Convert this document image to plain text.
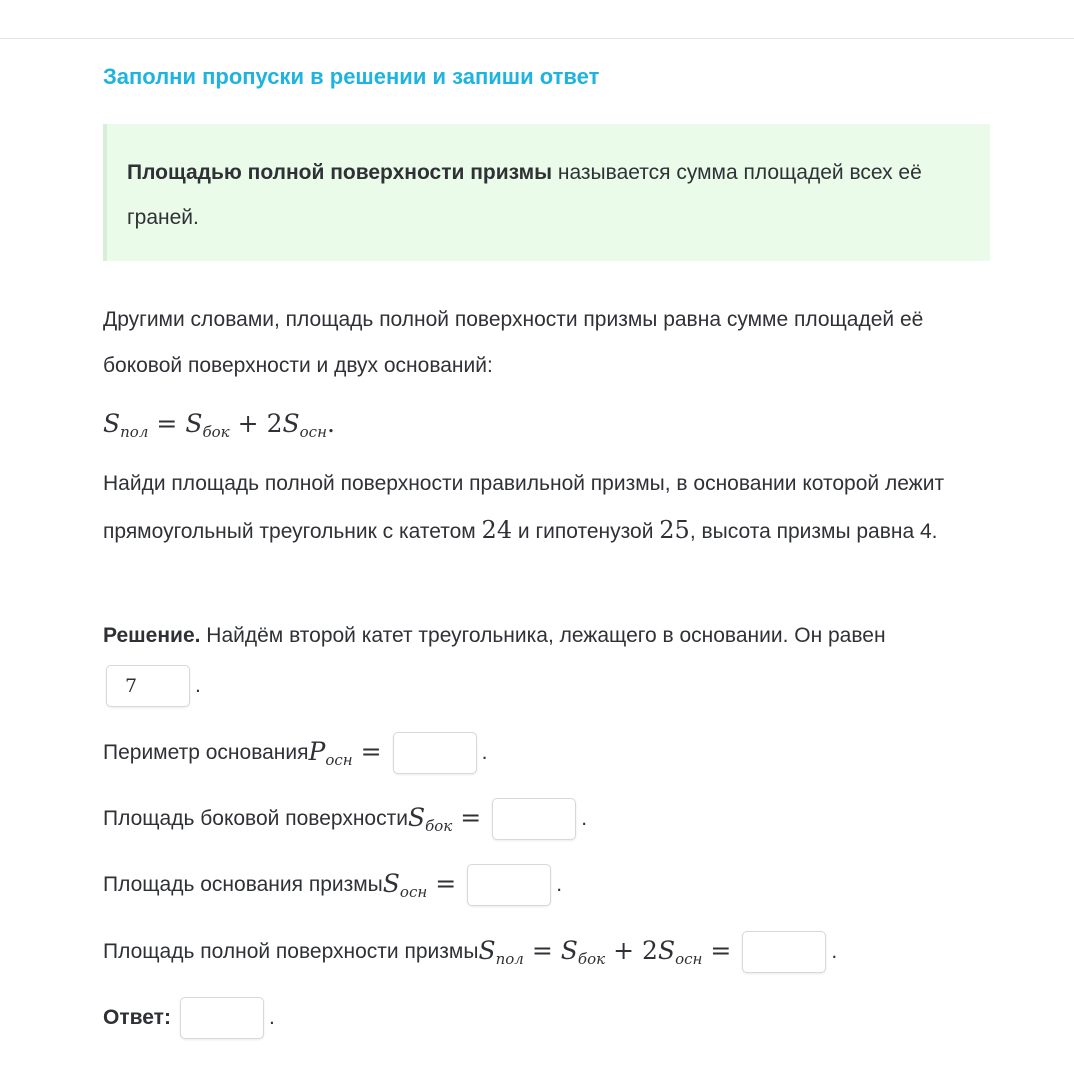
Заполни пропуски в решении и запиши ответ
Площадью полной поверхности призмы называется сумма площадей всех её граней.

Другими словами, площадь полной поверхности призмы равна сумме площадей её боковой поверхности и двух оснований:

$S_{пол} = S_{бок} + 2S_{осн}$.

Найди площадь полной поверхности правильной призмы, в основании которой лежит прямоугольный треугольник с катетом 24 и гипотенузой 25, высота призмы равна 4.

Решение. Найдём второй катет треугольника, лежащего в основании. Он равен

7	.
Периметр основания $P_{осн}$ =	.
Площадь боковой поверхности $S_{бок}$ =	.
Площадь основания призмы $S_{осн}$ =	.
Площадь полной поверхности призмы $S_{пол} = S_{бок} + 2S_{осн}$ =	.
Ответ:	.
